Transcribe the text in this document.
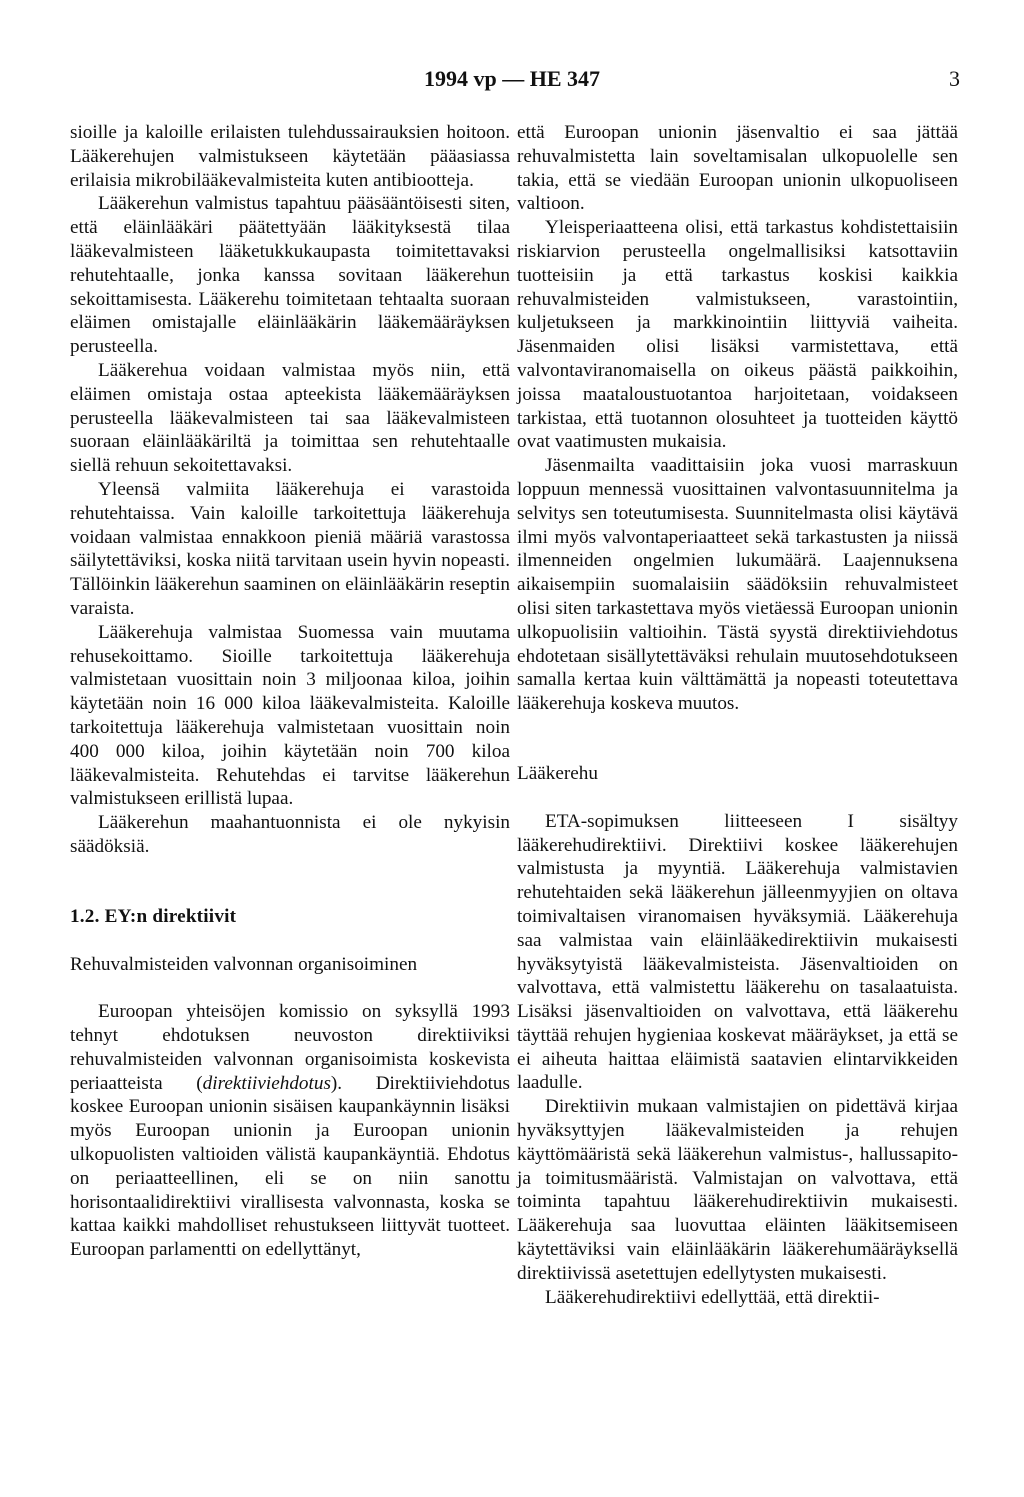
1994 vp — HE 347	3

sioille ja kaloille erilaisten tulehdussairauksien hoitoon. Lääkerehujen valmistukseen käytetään pääasiassa erilaisia mikrobilääkevalmisteita kuten antibiootteja.

Lääkerehun valmistus tapahtuu pääsääntöisesti siten, että eläinlääkäri päätettyään lääkityksestä tilaa lääkevalmisteen lääketukkukaupasta toimitettavaksi rehutehtaalle, jonka kanssa sovitaan lääkerehun sekoittamisesta. Lääkerehu toimitetaan tehtaalta suoraan eläimen omistajalle eläinlääkärin lääkemääräyksen perusteella.

Lääkerehua voidaan valmistaa myös niin, että eläimen omistaja ostaa apteekista lääkemääräyksen perusteella lääkevalmisteen tai saa lääkevalmisteen suoraan eläinlääkäriltä ja toimittaa sen rehutehtaalle siellä rehuun sekoitettavaksi.

Yleensä valmiita lääkerehuja ei varastoida rehutehtaissa. Vain kaloille tarkoitettuja lääkerehuja voidaan valmistaa ennakkoon pieniä määriä varastossa säilytettäviksi, koska niitä tarvitaan usein hyvin nopeasti. Tällöinkin lääkerehun saaminen on eläinlääkärin reseptin varaista.

Lääkerehuja valmistaa Suomessa vain muutama rehusekoittamo. Sioille tarkoitettuja lääkerehuja valmistetaan vuosittain noin 3 miljoonaa kiloa, joihin käytetään noin 16 000 kiloa lääkevalmisteita. Kaloille tarkoitettuja lääkerehuja valmistetaan vuosittain noin 400 000 kiloa, joihin käytetään noin 700 kiloa lääkevalmisteita. Rehutehdas ei tarvitse lääkerehun valmistukseen erillistä lupaa.

Lääkerehun maahantuonnista ei ole nykyisin säädöksiä.

1.2. EY:n direktiivit
Rehuvalmisteiden valvonnan organisoiminen

Euroopan yhteisöjen komissio on syksyllä 1993 tehnyt ehdotuksen neuvoston direktiiviksi rehuvalmisteiden valvonnan organisoimista koskevista periaatteista (direktiiviehdotus). Direktiiviehdotus koskee Euroopan unionin sisäisen kaupankäynnin lisäksi myös Euroopan unionin ja Euroopan unionin ulkopuolisten valtioiden välistä kaupankäyntiä. Ehdotus on periaatteellinen, eli se on niin sanottu horisontaalidirektiivi virallisesta valvonnasta, koska se kattaa kaikki mahdolliset rehustukseen liittyvät tuotteet. Euroopan parlamentti on edellyttänyt,

että Euroopan unionin jäsenvaltio ei saa jättää rehuvalmistetta lain soveltamisalan ulkopuolelle sen takia, että se viedään Euroopan unionin ulkopuoliseen valtioon.

Yleisperiaatteena olisi, että tarkastus kohdistettaisiin riskiarvion perusteella ongelmallisiksi katsottaviin tuotteisiin ja että tarkastus koskisi kaikkia rehuvalmisteiden valmistukseen, varastointiin, kuljetukseen ja markkinointiin liittyviä vaiheita. Jäsenmaiden olisi lisäksi varmistettava, että valvontaviranomaisella on oikeus päästä paikkoihin, joissa maataloustuotantoa harjoitetaan, voidakseen tarkistaa, että tuotannon olosuhteet ja tuotteiden käyttö ovat vaatimusten mukaisia.

Jäsenmailta vaadittaisiin joka vuosi marraskuun loppuun mennessä vuosittainen valvontasuunnitelma ja selvitys sen toteutumisesta. Suunnitelmasta olisi käytävä ilmi myös valvontaperiaatteet sekä tarkastusten ja niissä ilmenneiden ongelmien lukumäärä. Laajennuksena aikaisempiin suomalaisiin säädöksiin rehuvalmisteet olisi siten tarkastettava myös vietäessä Euroopan unionin ulkopuolisiin valtioihin. Tästä syystä direktiiviehdotus ehdotetaan sisällytettäväksi rehulain muutosehdotukseen samalla kertaa kuin välttämättä ja nopeasti toteutettava lääkerehuja koskeva muutos.

Lääkerehu

ETA-sopimuksen liitteeseen I sisältyy lääkerehudirektiivi. Direktiivi koskee lääkerehujen valmistusta ja myyntiä. Lääkerehuja valmistavien rehutehtaiden sekä lääkerehun jälleenmyyjien on oltava toimivaltaisen viranomaisen hyväksymiä. Lääkerehuja saa valmistaa vain eläinlääkedirektiivin mukaisesti hyväksytyistä lääkevalmisteista. Jäsenvaltioiden on valvottava, että valmistettu lääkerehu on tasalaatuista. Lisäksi jäsenvaltioiden on valvottava, että lääkerehu täyttää rehujen hygieniaa koskevat määräykset, ja että se ei aiheuta haittaa eläimistä saatavien elintarvikkeiden laadulle.

Direktiivin mukaan valmistajien on pidettävä kirjaa hyväksyttyjen lääkevalmisteiden ja rehujen käyttömääristä sekä lääkerehun valmistus-, hallussapito- ja toimitusmääristä. Valmistajan on valvottava, että toiminta tapahtuu lääkerehudirektiivin mukaisesti. Lääkerehuja saa luovuttaa eläinten lääkitsemiseen käytettäviksi vain eläinlääkärin lääkerehumääräyksellä direktiivissä asetettujen edellytysten mukaisesti.

Lääkerehudirektiivi edellyttää, että direktii-
